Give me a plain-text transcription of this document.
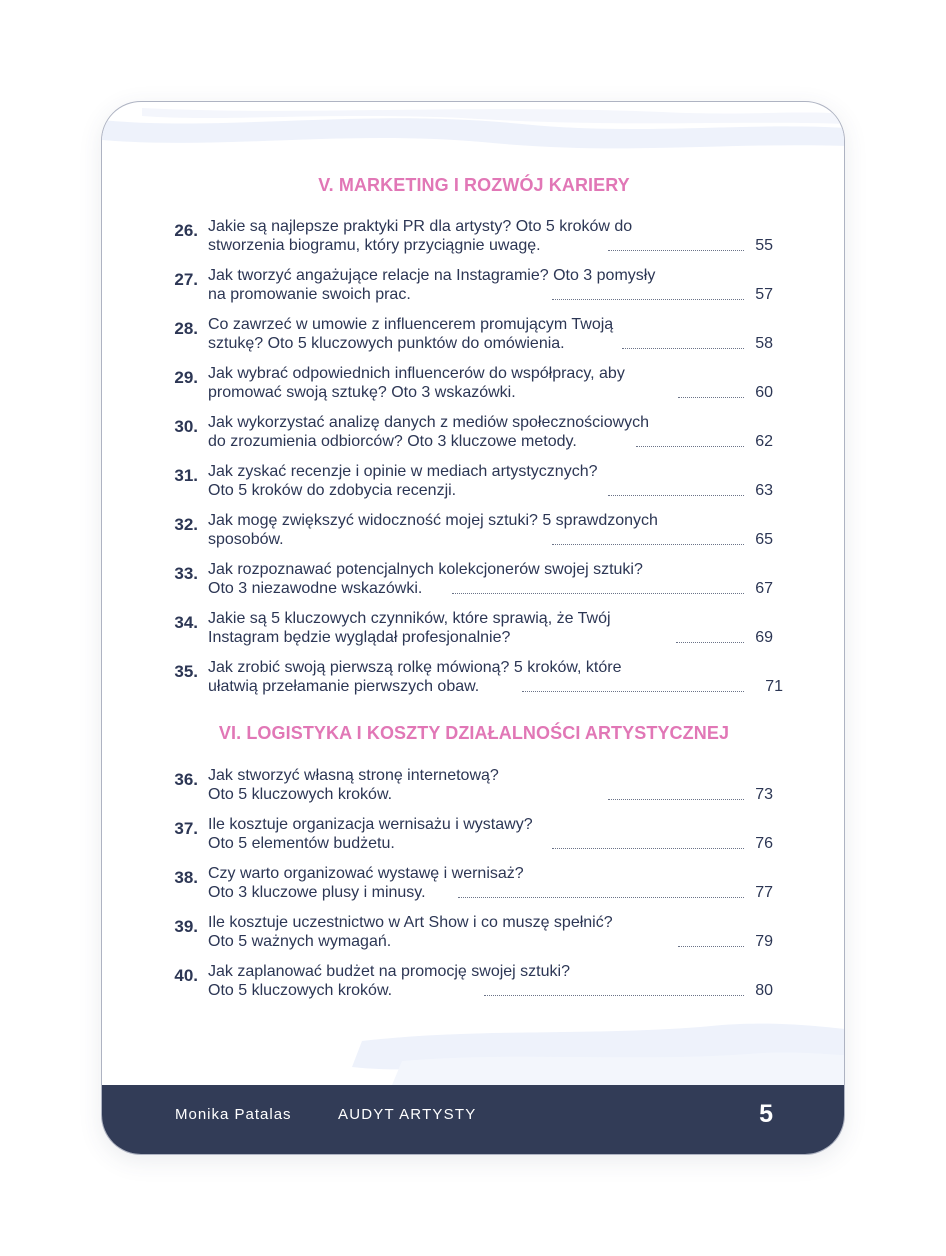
V. MARKETING I ROZWÓJ KARIERY
26. Jakie są najlepsze praktyki PR dla artysty? Oto 5 kroków do
stworzenia biogramu, który przyciągnie uwagę.	55
27. Jak tworzyć angażujące relacje na Instagramie? Oto 3 pomysły
na promowanie swoich prac.	57
28. Co zawrzeć w umowie z influencerem promującym Twoją
sztukę? Oto 5 kluczowych punktów do omówienia.	58
29. Jak wybrać odpowiednich influencerów do współpracy, aby
promować swoją sztukę? Oto 3 wskazówki.	60
30. Jak wykorzystać analizę danych z mediów społecznościowych
do zrozumienia odbiorców? Oto 3 kluczowe metody.	62
31. Jak zyskać recenzje i opinie w mediach artystycznych?
Oto 5 kroków do zdobycia recenzji.	63
32. Jak mogę zwiększyć widoczność mojej sztuki? 5 sprawdzonych
sposobów.	65
33. Jak rozpoznawać potencjalnych kolekcjonerów swojej sztuki?
Oto 3 niezawodne wskazówki.	67
34. Jakie są 5 kluczowych czynników, które sprawią, że Twój
Instagram będzie wyglądał profesjonalnie?	69
35. Jak zrobić swoją pierwszą rolkę mówioną? 5 kroków, które
ułatwią przełamanie pierwszych obaw.	71
VI. LOGISTYKA I KOSZTY DZIAŁALNOŚCI ARTYSTYCZNEJ
36. Jak stworzyć własną stronę internetową?
Oto 5 kluczowych kroków.	73
37. Ile kosztuje organizacja wernisażu i wystawy?
Oto 5 elementów budżetu.	76
38. Czy warto organizować wystawę i wernisaż?
Oto 3 kluczowe plusy i minusy.	77
39. Ile kosztuje uczestnictwo w Art Show i co muszę spełnić?
Oto 5 ważnych wymagań.	79
40. Jak zaplanować budżet na promocję swojej sztuki?
Oto 5 kluczowych kroków.	80
Monika Patalas	AUDYT ARTYSTY	5
